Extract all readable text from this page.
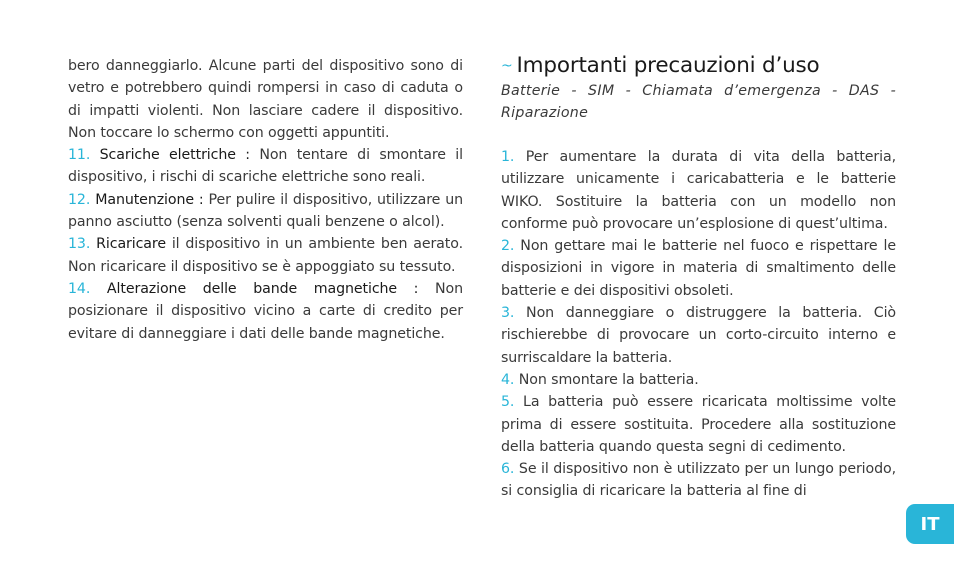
bero danneggiarlo. Alcune parti del dispositivo sono di vetro e potrebbero quindi rompersi in caso di caduta o di impatti violenti. Non lasciare cadere il dispositivo. Non toccare lo schermo con oggetti appuntiti.

11. Scariche elettriche : Non tentare di smontare il dispositivo, i rischi di scariche elettriche sono reali.

12. Manutenzione : Per pulire il dispositivo, utilizzare un panno asciutto (senza solventi quali benzene o alcol).

13. Ricaricare il dispositivo in un ambiente ben aerato. Non ricaricare il dispositivo se è appoggiato su tessuto.

14. Alterazione delle bande magnetiche : Non posizionare il dispositivo vicino a carte di credito per evitare di danneggiare i dati delle bande magnetiche.

~ Importanti precauzioni d’uso

Batterie - SIM - Chiamata d’emergenza - DAS - Riparazione

1. Per aumentare la durata di vita della batteria, utilizzare unicamente i caricabatteria e le batterie WIKO. Sostituire la batteria con un modello non conforme può provocare un’esplosione di quest’ultima.

2. Non gettare mai le batterie nel fuoco e rispettare le disposizioni in vigore in materia di smaltimento delle batterie e dei dispositivi obsoleti.

3. Non danneggiare o distruggere la batteria. Ciò rischierebbe di provocare un corto-circuito interno e surriscaldare la batteria.

4. Non smontare la batteria.

5. La batteria può essere ricaricata moltissime volte prima di essere sostituita. Procedere alla sostituzione della batteria quando questa segni di cedimento.

6. Se il dispositivo non è utilizzato per un lungo periodo, si consiglia di ricaricare la batteria al fine di

IT
